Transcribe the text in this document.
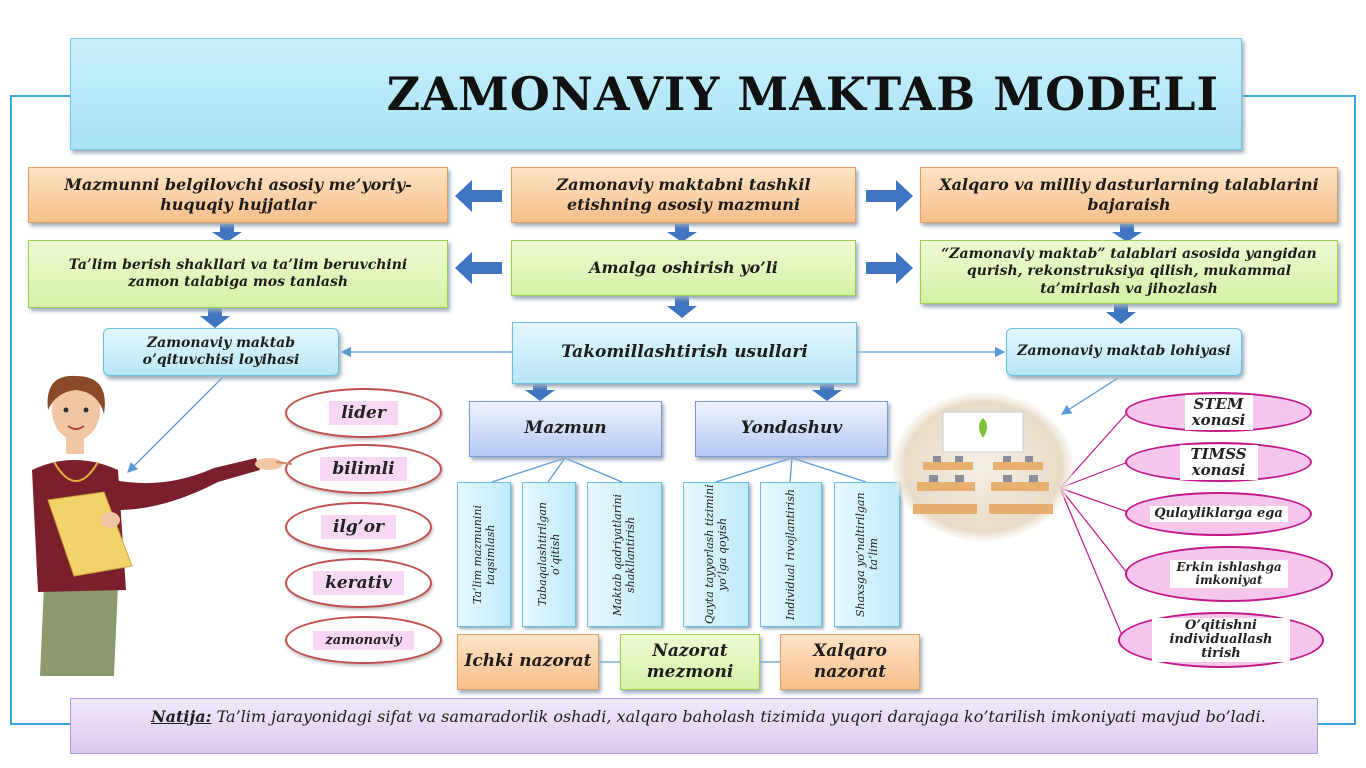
ZAMONAVIY MAKTAB MODELI
Mazmunni belgilovchi asosiy me’yoriy-huquqiy hujjatlar
Zamonaviy maktabni tashkil etishning asosiy mazmuni
Xalqaro va milliy dasturlarning talablarini bajaraish
Ta’lim berish shakllari va ta’lim beruvchini zamon talabiga mos tanlash
Amalga oshirish yo’li
“Zamonaviy maktab” talablari asosida yangidan qurish, rekonstruksiya qilish, mukammal ta’mirlash va jihozlash
Zamonaviy maktab o’qituvchisi loyihasi	Takomillashtirish usullari	Zamonaviy maktab lohiyasi
Mazmun	Yondashuv
Ta’lim mazmunini taqsimlash	Tabaqalashtirilgan o’qitish	Maktab qadriyatlarini shakllantirish	Qayta tayyorlash tizimini yo’lga qoyish	Individual rivojlantirish	Shaxsga yo’naltirilgan ta’lim
Ichki nazorat
Nazorat mezmoni
Xalqaro nazorat
lider
bilimli
ilg’or
kerativ
zamonaviy
STEM xonasi
TIMSS xonasi
Qulayliklarga ega
Erkin ishlashga imkoniyat
O’qitishni individuallash tirish
Natija: Ta’lim jarayonidagi sifat va samaradorlik oshadi, xalqaro baholash tizimida yuqori darajaga ko’tarilish imkoniyati mavjud bo’ladi.
